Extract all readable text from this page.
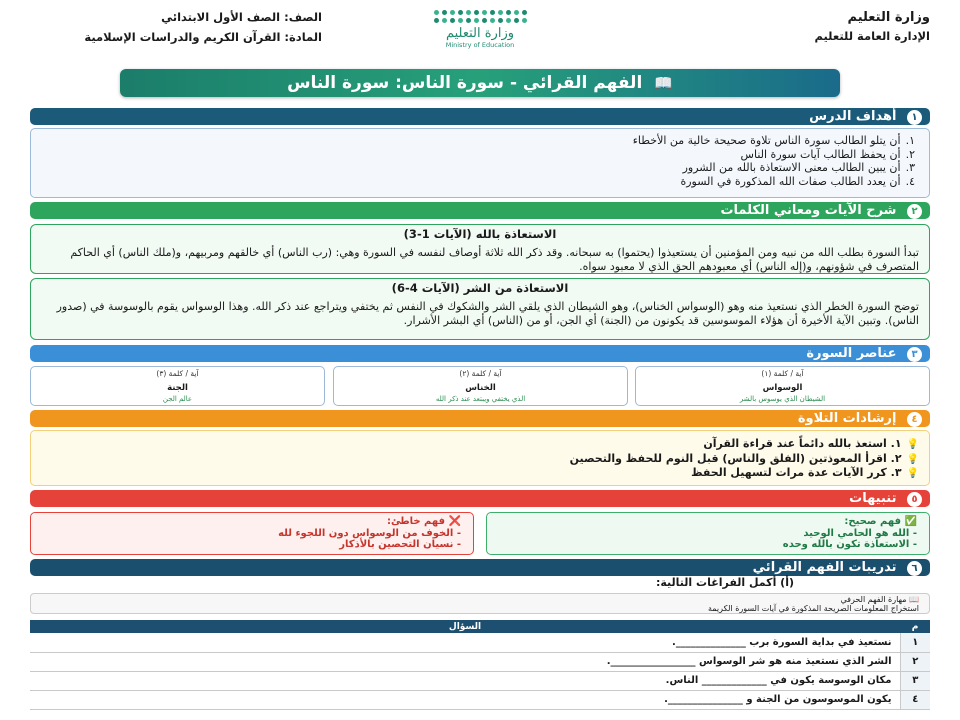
وزارة التعليم
الإدارة العامة للتعليم
وزارة التعليم
Ministry of Education
الصف: الصف الأول الابتدائي
المادة: القرآن الكريم والدراسات الإسلامية
📖 الفهم القرائي - سورة الناس: سورة الناس
١ أهداف الدرس
١.أن يتلو الطالب سورة الناس تلاوة صحيحة خالية من الأخطاء
٢.أن يحفظ الطالب آيات سورة الناس
٣.أن يبين الطالب معنى الاستعاذة بالله من الشرور
٤.أن يعدد الطالب صفات الله المذكورة في السورة
٢ شرح الآيات ومعاني الكلمات
الاستعاذة بالله (الآيات 1-3)
تبدأ السورة بطلب الله من نبيه ومن المؤمنين أن يستعيذوا (يحتموا) به سبحانه. وقد ذكر الله ثلاثة أوصاف لنفسه في السورة وهي: (رب الناس) أي خالقهم ومربيهم، و(ملك الناس) أي الحاكم المتصرف في شؤونهم، و(إله الناس) أي معبودهم الحق الذي لا معبود سواه.
الاستعاذة من الشر (الآيات 4-6)
توضح السورة الخطر الذي نستعيذ منه وهو (الوسواس الخناس)، وهو الشيطان الذي يلقي الشر والشكوك في النفس ثم يختفي ويتراجع عند ذكر الله. وهذا الوسواس يقوم بالوسوسة في (صدور الناس). وتبين الآية الأخيرة أن هؤلاء الموسوسين قد يكونون من (الجنة) أي الجن، أو من (الناس) أي البشر الأشرار.
٣ عناصر السورة
آية / كلمة (١)
الوسواس
الشيطان الذي يوسوس بالشر
آية / كلمة (٢)
الخناس
الذي يختفي ويبتعد عند ذكر الله
آية / كلمة (٣)
الجنة
عالم الجن
٤ إرشادات التلاوة
💡١. استعذ بالله دائماً عند قراءة القرآن
💡٢. اقرأ المعوذتين (الفلق والناس) قبل النوم للحفظ والتحصين
💡٣. كرر الآيات عدة مرات لتسهيل الحفظ
٥ تنبيهات
✅ فهم صحيح:
- الله هو الحامي الوحيد
- الاستعاذة تكون بالله وحده
❌ فهم خاطئ:
- الخوف من الوسواس دون اللجوء لله
- نسيان التحصين بالأذكار
٦ تدريبات الفهم القرائي
(أ) أكمل الفراغات التالية:
📖 مهارة الفهم الحرفي
استخراج المعلومات الصريحة المذكورة في آيات السورة الكريمة
م	السؤال
١	نستعيذ في بداية السورة برب ______________.
٢	الشر الذي نستعيذ منه هو شر الوسواس _________________.
٣	مكان الوسوسة يكون في _____________ الناس.
٤	يكون الموسوسون من الجنة و _______________.
